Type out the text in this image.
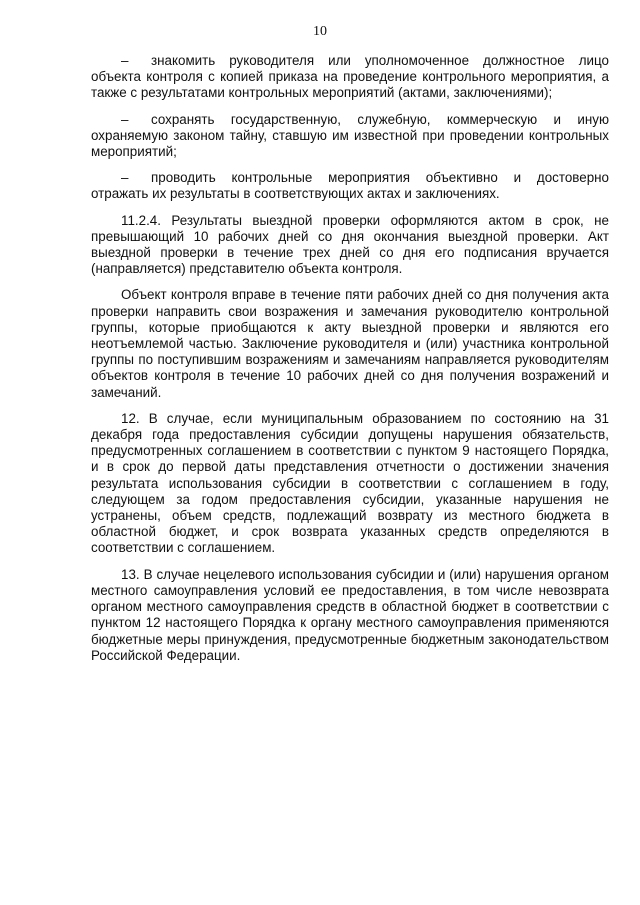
10

– знакомить руководителя или уполномоченное должностное лицо объекта контроля с копией приказа на проведение контрольного мероприятия, а также с результатами контрольных мероприятий (актами, заключениями);

– сохранять государственную, служебную, коммерческую и иную охраняемую законом тайну, ставшую им известной при проведении контрольных мероприятий;

– проводить контрольные мероприятия объективно и достоверно отражать их результаты в соответствующих актах и заключениях.

11.2.4. Результаты выездной проверки оформляются актом в срок, не превышающий 10 рабочих дней со дня окончания выездной проверки. Акт выездной проверки в течение трех дней со дня его подписания вручается (направляется) представителю объекта контроля.

Объект контроля вправе в течение пяти рабочих дней со дня получения акта проверки направить свои возражения и замечания руководителю контрольной группы, которые приобщаются к акту выездной проверки и являются его неотъемлемой частью. Заключение руководителя и (или) участника контрольной группы по поступившим возражениям и замечаниям направляется руководителям объектов контроля в течение 10 рабочих дней со дня получения возражений и замечаний.

12. В случае, если муниципальным образованием по состоянию на 31 декабря года предоставления субсидии допущены нарушения обязательств, предусмотренных соглашением в соответствии с пунктом 9 настоящего Порядка, и в срок до первой даты представления отчетности о достижении значения результата использования субсидии в соответствии с соглашением в году, следующем за годом предоставления субсидии, указанные нарушения не устранены, объем средств, подлежащий возврату из местного бюджета в областной бюджет, и срок возврата указанных средств определяются в соответствии с соглашением.

13. В случае нецелевого использования субсидии и (или) нарушения органом местного самоуправления условий ее предоставления, в том числе невозврата органом местного самоуправления средств в областной бюджет в соответствии с пунктом 12 настоящего Порядка к органу местного самоуправления применяются бюджетные меры принуждения, предусмотренные бюджетным законодательством Российской Федерации.
